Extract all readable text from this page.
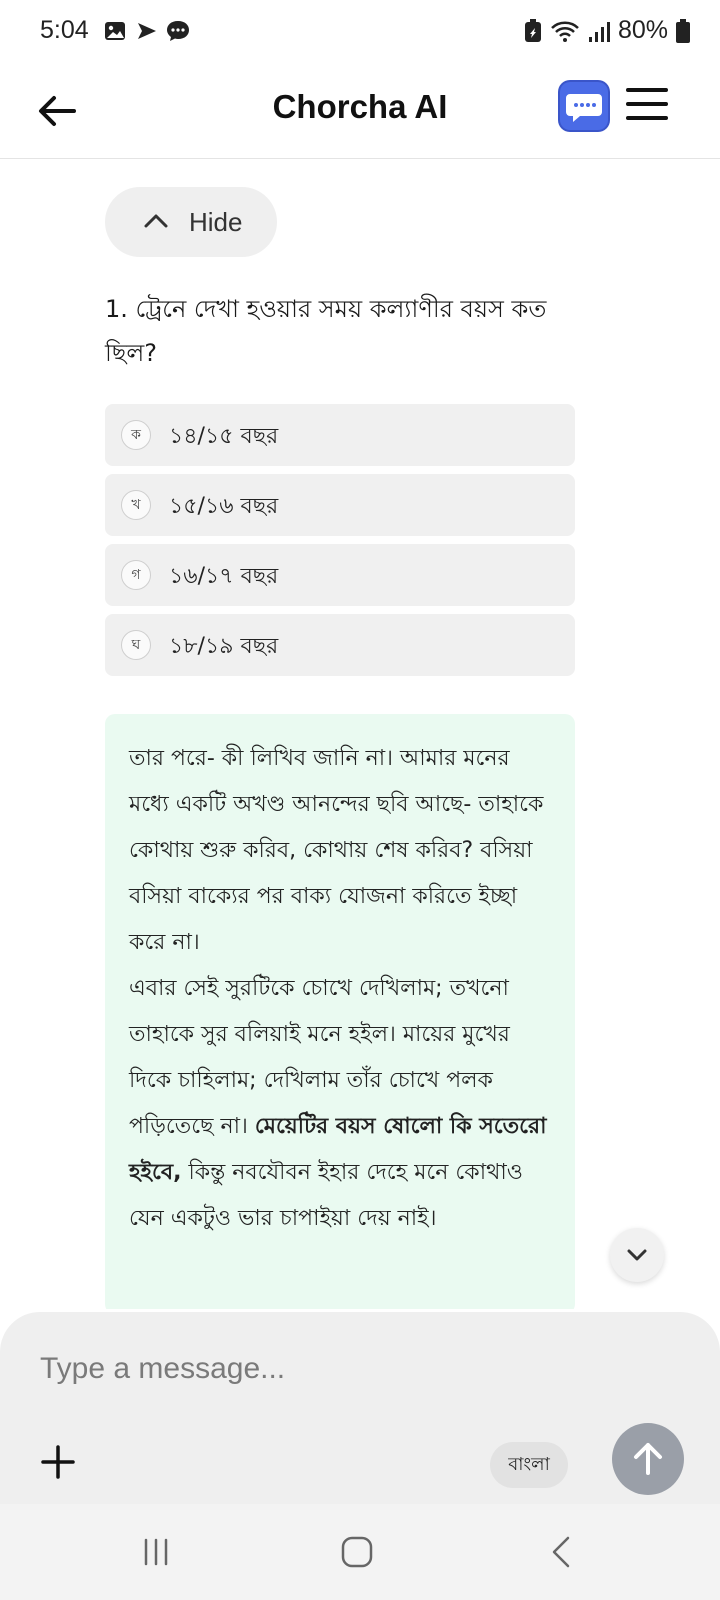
5:04	80%
Chorcha AI
Hide
1. ট্রেনে দেখা হওয়ার সময় কল্যাণীর বয়স কত ছিল?
ক	১৪/১৫ বছর
খ	১৫/১৬ বছর
গ	১৬/১৭ বছর
ঘ	১৮/১৯ বছর
তার পরে- কী লিখিব জানি না। আমার মনের মধ্যে একটি অখণ্ড আনন্দের ছবি আছে- তাহাকে কোথায় শুরু করিব, কোথায় শেষ করিব? বসিয়া বসিয়া বাক্যের পর বাক্য যোজনা করিতে ইচ্ছা করে না।
এবার সেই সুরটিকে চোখে দেখিলাম; তখনো তাহাকে সুর বলিয়াই মনে হইল। মায়ের মুখের দিকে চাহিলাম; দেখিলাম তাঁর চোখে পলক পড়িতেছে না। মেয়েটির বয়স ষোলো কি সতেরো হইবে, কিন্তু নবযৌবন ইহার দেহে মনে কোথাও যেন একটুও ভার চাপাইয়া দেয় নাই।
Type a message...
বাংলা
